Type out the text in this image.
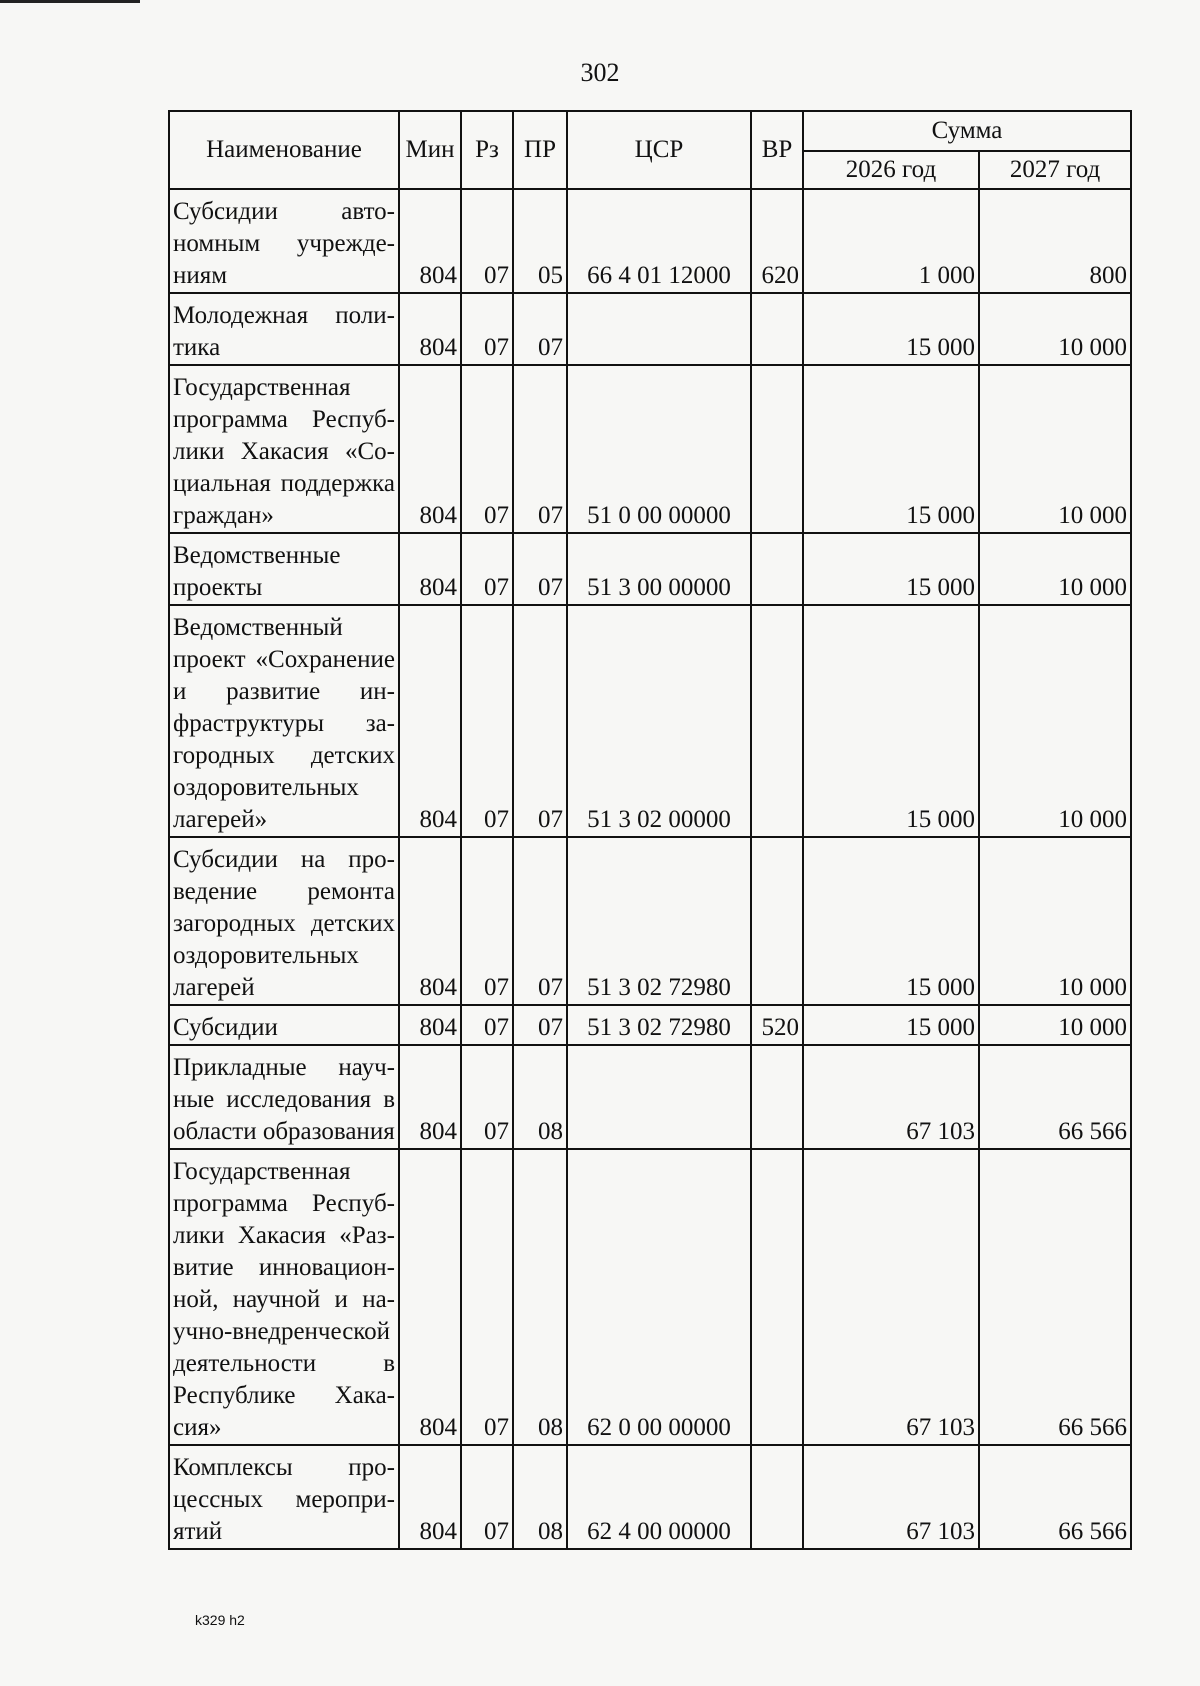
302
Наименование	Мин	Рз	ПР	ЦСР	ВР	Сумма	
						2026 год	2027 год
Субсидии автономным учреждениям	804	07	05	66 4 01 12000	620	1 000	800
Молодежная политика	804	07	07			15 000	10 000
Государственная программа Республики Хакасия «Социальная поддержка граждан»	804	07	07	51 0 00 00000		15 000	10 000
Ведомственные проекты	804	07	07	51 3 00 00000		15 000	10 000
Ведомственный проект «Сохранение и развитие инфраструктуры загородных детских оздоровительных лагерей»	804	07	07	51 3 02 00000		15 000	10 000
Субсидии на проведение ремонта загородных детских оздоровительных лагерей	804	07	07	51 3 02 72980		15 000	10 000
Субсидии	804	07	07	51 3 02 72980	520	15 000	10 000
Прикладные научные исследования в области образования	804	07	08			67 103	66 566
Государственная программа Республики Хакасия «Развитие инновационной, научной и научно-внедренческой деятельности в Республике Хакасия»	804	07	08	62 0 00 00000		67 103	66 566
Комплексы процессных мероприятий	804	07	08	62 4 00 00000		67 103	66 566
k329 h2
